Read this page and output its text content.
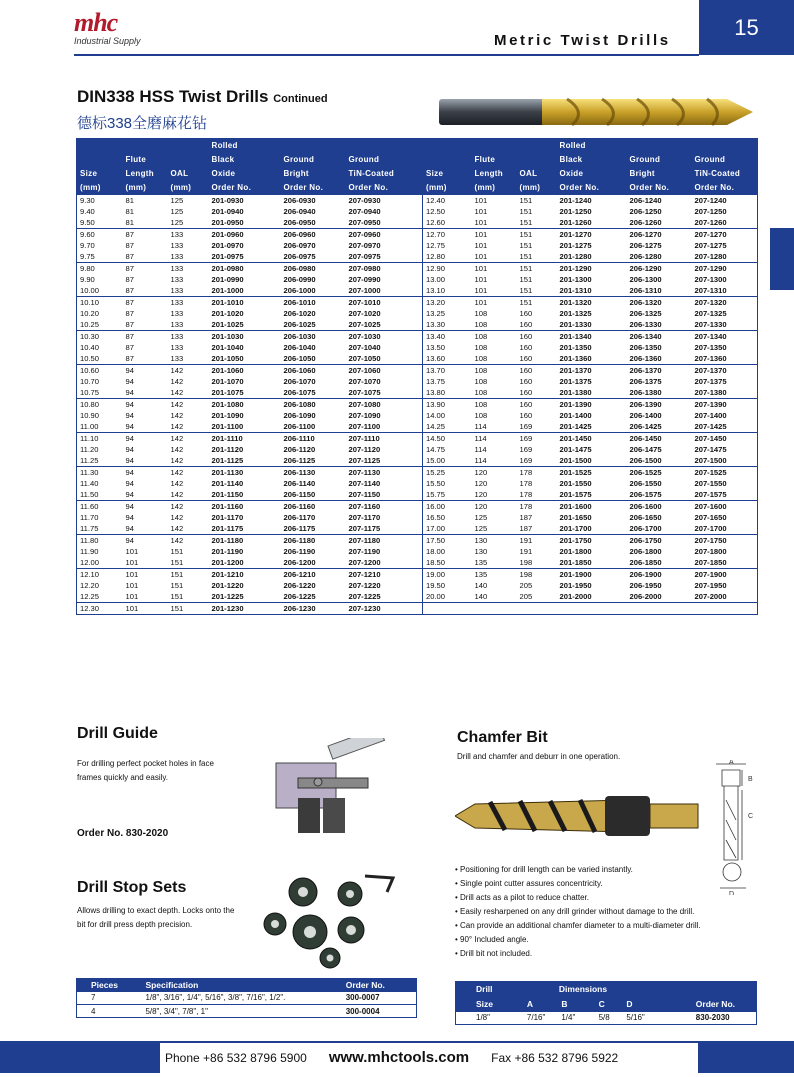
mhc
Industrial Supply	Metric Twist Drills
15
DIN338 HSS Twist Drills Continued
德标338全磨麻花钻
			Rolled						Rolled		
	Flute		Black	Ground	Ground		Flute		Black	Ground	Ground
Size	Length	OAL	Oxide	Bright	TiN-Coated	Size	Length	OAL	Oxide	Bright	TiN-Coated
(mm)	(mm)	(mm)	Order No.	Order No.	Order No.	(mm)	(mm)	(mm)	Order No.	Order No.	Order No.
9.30	81	125	201-0930	206-0930	207-0930	12.40	101	151	201-1240	206-1240	207-1240
9.40	81	125	201-0940	206-0940	207-0940	12.50	101	151	201-1250	206-1250	207-1250
9.50	81	125	201-0950	206-0950	207-0950	12.60	101	151	201-1260	206-1260	207-1260
9.60	87	133	201-0960	206-0960	207-0960	12.70	101	151	201-1270	206-1270	207-1270
9.70	87	133	201-0970	206-0970	207-0970	12.75	101	151	201-1275	206-1275	207-1275
9.75	87	133	201-0975	206-0975	207-0975	12.80	101	151	201-1280	206-1280	207-1280
9.80	87	133	201-0980	206-0980	207-0980	12.90	101	151	201-1290	206-1290	207-1290
9.90	87	133	201-0990	206-0990	207-0990	13.00	101	151	201-1300	206-1300	207-1300
10.00	87	133	201-1000	206-1000	207-1000	13.10	101	151	201-1310	206-1310	207-1310
10.10	87	133	201-1010	206-1010	207-1010	13.20	101	151	201-1320	206-1320	207-1320
10.20	87	133	201-1020	206-1020	207-1020	13.25	108	160	201-1325	206-1325	207-1325
10.25	87	133	201-1025	206-1025	207-1025	13.30	108	160	201-1330	206-1330	207-1330
10.30	87	133	201-1030	206-1030	207-1030	13.40	108	160	201-1340	206-1340	207-1340
10.40	87	133	201-1040	206-1040	207-1040	13.50	108	160	201-1350	206-1350	207-1350
10.50	87	133	201-1050	206-1050	207-1050	13.60	108	160	201-1360	206-1360	207-1360
10.60	94	142	201-1060	206-1060	207-1060	13.70	108	160	201-1370	206-1370	207-1370
10.70	94	142	201-1070	206-1070	207-1070	13.75	108	160	201-1375	206-1375	207-1375
10.75	94	142	201-1075	206-1075	207-1075	13.80	108	160	201-1380	206-1380	207-1380
10.80	94	142	201-1080	206-1080	207-1080	13.90	108	160	201-1390	206-1390	207-1390
10.90	94	142	201-1090	206-1090	207-1090	14.00	108	160	201-1400	206-1400	207-1400
11.00	94	142	201-1100	206-1100	207-1100	14.25	114	169	201-1425	206-1425	207-1425
11.10	94	142	201-1110	206-1110	207-1110	14.50	114	169	201-1450	206-1450	207-1450
11.20	94	142	201-1120	206-1120	207-1120	14.75	114	169	201-1475	206-1475	207-1475
11.25	94	142	201-1125	206-1125	207-1125	15.00	114	169	201-1500	206-1500	207-1500
11.30	94	142	201-1130	206-1130	207-1130	15.25	120	178	201-1525	206-1525	207-1525
11.40	94	142	201-1140	206-1140	207-1140	15.50	120	178	201-1550	206-1550	207-1550
11.50	94	142	201-1150	206-1150	207-1150	15.75	120	178	201-1575	206-1575	207-1575
11.60	94	142	201-1160	206-1160	207-1160	16.00	120	178	201-1600	206-1600	207-1600
11.70	94	142	201-1170	206-1170	207-1170	16.50	125	187	201-1650	206-1650	207-1650
11.75	94	142	201-1175	206-1175	207-1175	17.00	125	187	201-1700	206-1700	207-1700
11.80	94	142	201-1180	206-1180	207-1180	17.50	130	191	201-1750	206-1750	207-1750
11.90	101	151	201-1190	206-1190	207-1190	18.00	130	191	201-1800	206-1800	207-1800
12.00	101	151	201-1200	206-1200	207-1200	18.50	135	198	201-1850	206-1850	207-1850
12.10	101	151	201-1210	206-1210	207-1210	19.00	135	198	201-1900	206-1900	207-1900
12.20	101	151	201-1220	206-1220	207-1220	19.50	140	205	201-1950	206-1950	207-1950
12.25	101	151	201-1225	206-1225	207-1225	20.00	140	205	201-2000	206-2000	207-2000
12.30	101	151	201-1230	206-1230	207-1230						
Drill Guide
For drilling perfect pocket holes in face frames quickly and easily.
Order No. 830-2020
Drill Stop Sets
Allows drilling to exact depth. Locks onto the bit for drill press depth precision.
Pieces	Specification	Order No.
7	1/8", 3/16", 1/4", 5/16", 3/8", 7/16", 1/2".	300-0007
4	5/8", 3/4", 7/8", 1"	300-0004
Chamfer Bit
Drill and chamfer and deburr in one operation.
A
B
C
D
• Positioning for drill length can be varied instantly.
• Single point cutter assures concentricity.
• Drill acts as a pilot to reduce chatter.
• Easily resharpened on any drill grinder without damage to the drill.
• Can provide an additional chamfer diameter to a multi-diameter drill.
• 90° Included angle.
• Drill bit not included.
Drill	Dimensions				
Size	A	B	C	D	Order No.
1/8"	7/16"	1/4"	5/8	5/16"	830-2030
Phone +86 532 8796 5900 www.mhctools.com Fax +86 532 8796 5922
